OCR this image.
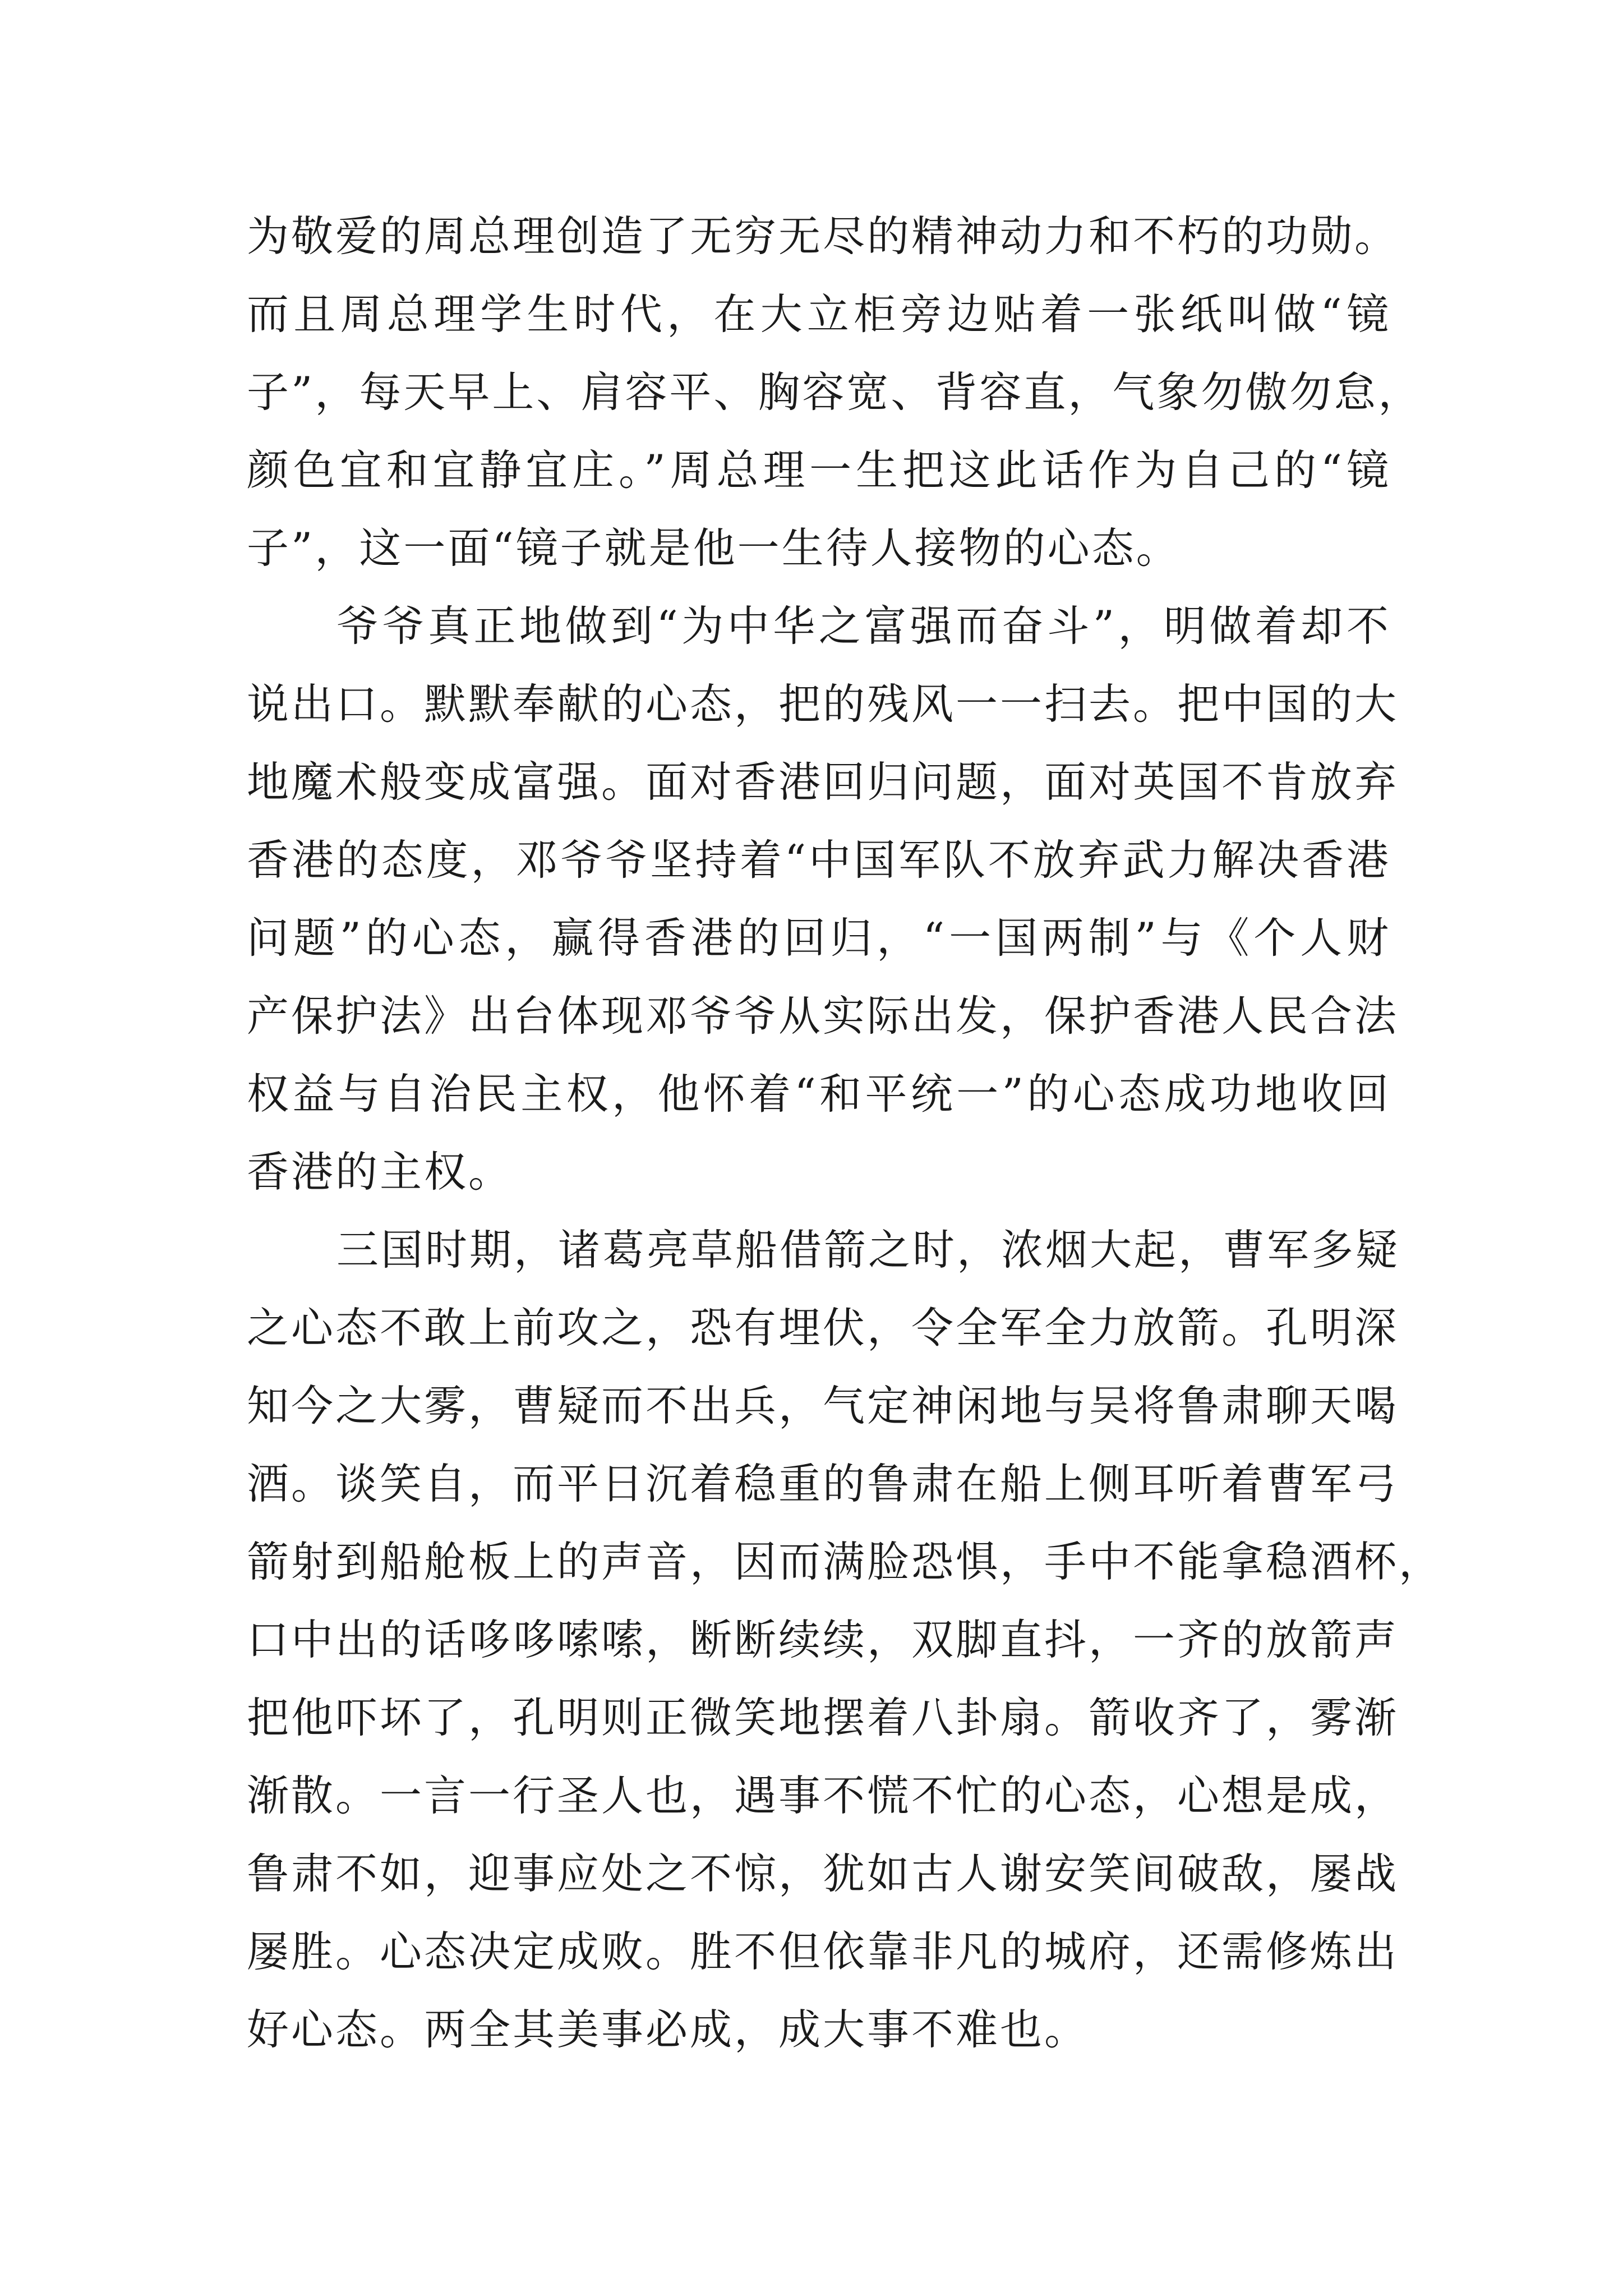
为敬爱的周总理创造了无穷无尽的精神动力和不朽的功勋。
而且周总理学生时代，在大立柜旁边贴着一张纸叫做“镜
子”，每天早上、肩容平、胸容宽、背容直，气象勿傲勿怠，
颜色宜和宜静宜庄。”周总理一生把这此话作为自己的“镜
子”，这一面“镜子就是他一生待人接物的心态。
爷爷真正地做到“为中华之富强而奋斗”，明做着却不
说出口。默默奉献的心态，把的残风一一扫去。把中国的大
地魔术般变成富强。面对香港回归问题，面对英国不肯放弃
香港的态度，邓爷爷坚持着“中国军队不放弃武力解决香港
问题”的心态，赢得香港的回归，“一国两制”与《个人财
产保护法》出台体现邓爷爷从实际出发，保护香港人民合法
权益与自治民主权，他怀着“和平统一”的心态成功地收回
香港的主权。
三国时期，诸葛亮草船借箭之时，浓烟大起，曹军多疑
之心态不敢上前攻之，恐有埋伏，令全军全力放箭。孔明深
知今之大雾，曹疑而不出兵，气定神闲地与吴将鲁肃聊天喝
酒。谈笑自，而平日沉着稳重的鲁肃在船上侧耳听着曹军弓
箭射到船舱板上的声音，因而满脸恐惧，手中不能拿稳酒杯，
口中出的话哆哆嗦嗦，断断续续，双脚直抖，一齐的放箭声
把他吓坏了，孔明则正微笑地摆着八卦扇。箭收齐了，雾渐
渐散。一言一行圣人也，遇事不慌不忙的心态，心想是成，
鲁肃不如，迎事应处之不惊，犹如古人谢安笑间破敌，屡战
屡胜。心态决定成败。胜不但依靠非凡的城府，还需修炼出
好心态。两全其美事必成，成大事不难也。
